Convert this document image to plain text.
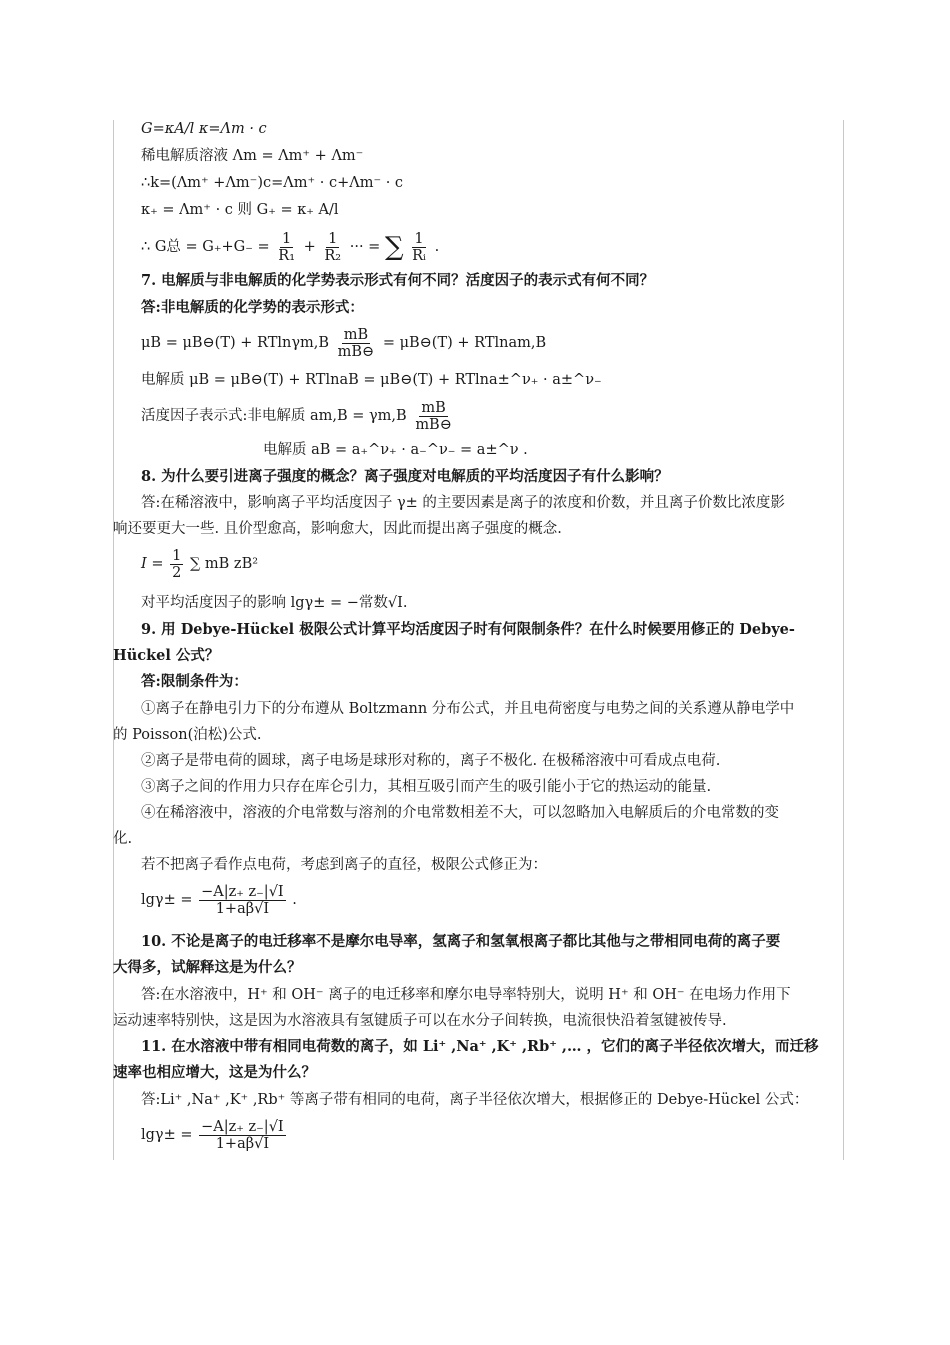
G=κA/l κ=Λm · c
稀电解质溶液 Λm = Λm⁺ + Λm⁻
∴k=(Λm⁺ +Λm⁻)c=Λm⁺ · c+Λm⁻ · c
κ₊ = Λm⁺ · c 则 G₊ = κ₊ A/l
∴ G总 = $G_++G_- = \frac{1}{\text{R₁}} + \frac{1}{\text{R₂}}$ ··· = ∑ $\frac{1}{\text{Rᵢ}}$ .
7. 电解质与非电解质的化学势表示形式有何不同？活度因子的表示式有何不同？
答:非电解质的化学势的表示形式：
μB = μB⊖(T) + $RTln\gamma m,B \frac{mB}{mB⊖}$ = μB⊖(T) + RTlnam,B
电解质 μB = μB⊖(T) + RTlnaB = μB⊖(T) + RTlna±^ν₊ · a±^ν₋
活度因子表示式:非电解质 $am,B = \gamma m,B \frac{mB}{mB⊖}$
电解质 aB = a₊^ν₊ · a₋^ν₋ = a±^ν .
8. 为什么要引进离子强度的概念？离子强度对电解质的平均活度因子有什么影响？
答:在稀溶液中，影响离子平均活度因子 γ± 的主要因素是离子的浓度和价数，并且离子价数比浓度影
响还要更大一些. 且价型愈高，影响愈大，因此而提出离子强度的概念.
$I = \frac{1}{2}$ ∑ mB zB²
对平均活度因子的影响 lgγ± = −常数√I.
9. 用 Debye-Hückel 极限公式计算平均活度因子时有何限制条件？在什么时候要用修正的 Debye-
Hückel 公式？
答:限制条件为：
①离子在静电引力下的分布遵从 Boltzmann 分布公式，并且电荷密度与电势之间的关系遵从静电学中
的 Poisson(泊松)公式.
②离子是带电荷的圆球，离子电场是球形对称的，离子不极化. 在极稀溶液中可看成点电荷.
③离子之间的作用力只存在库仑引力，其相互吸引而产生的吸引能小于它的热运动的能量.
④在稀溶液中，溶液的介电常数与溶剂的介电常数相差不大，可以忽略加入电解质后的介电常数的变
化.
若不把离子看作点电荷，考虑到离子的直径，极限公式修正为：
$\lg\gamma\pm = \frac{-A|z_+ z_-|√I}{1+a\beta√I}$ .
10. 不论是离子的电迁移率不是摩尔电导率，氢离子和氢氧根离子都比其他与之带相同电荷的离子要
大得多，试解释这是为什么？
答:在水溶液中，H⁺ 和 OH⁻ 离子的电迁移率和摩尔电导率特别大，说明 H⁺ 和 OH⁻ 在电场力作用下
运动速率特别快，这是因为水溶液具有氢键质子可以在水分子间转换，电流很快沿着氢键被传导.
11. 在水溶液中带有相同电荷数的离子，如 Li⁺ ,Na⁺ ,K⁺ ,Rb⁺ ,… ，它们的离子半径依次增大，而迁移
速率也相应增大，这是为什么？
答:Li⁺ ,Na⁺ ,K⁺ ,Rb⁺ 等离子带有相同的电荷，离子半径依次增大，根据修正的 Debye-Hückel 公式：
$\lg\gamma\pm = \frac{-A|z_+ z_-|√I}{1+a\beta√I}$
